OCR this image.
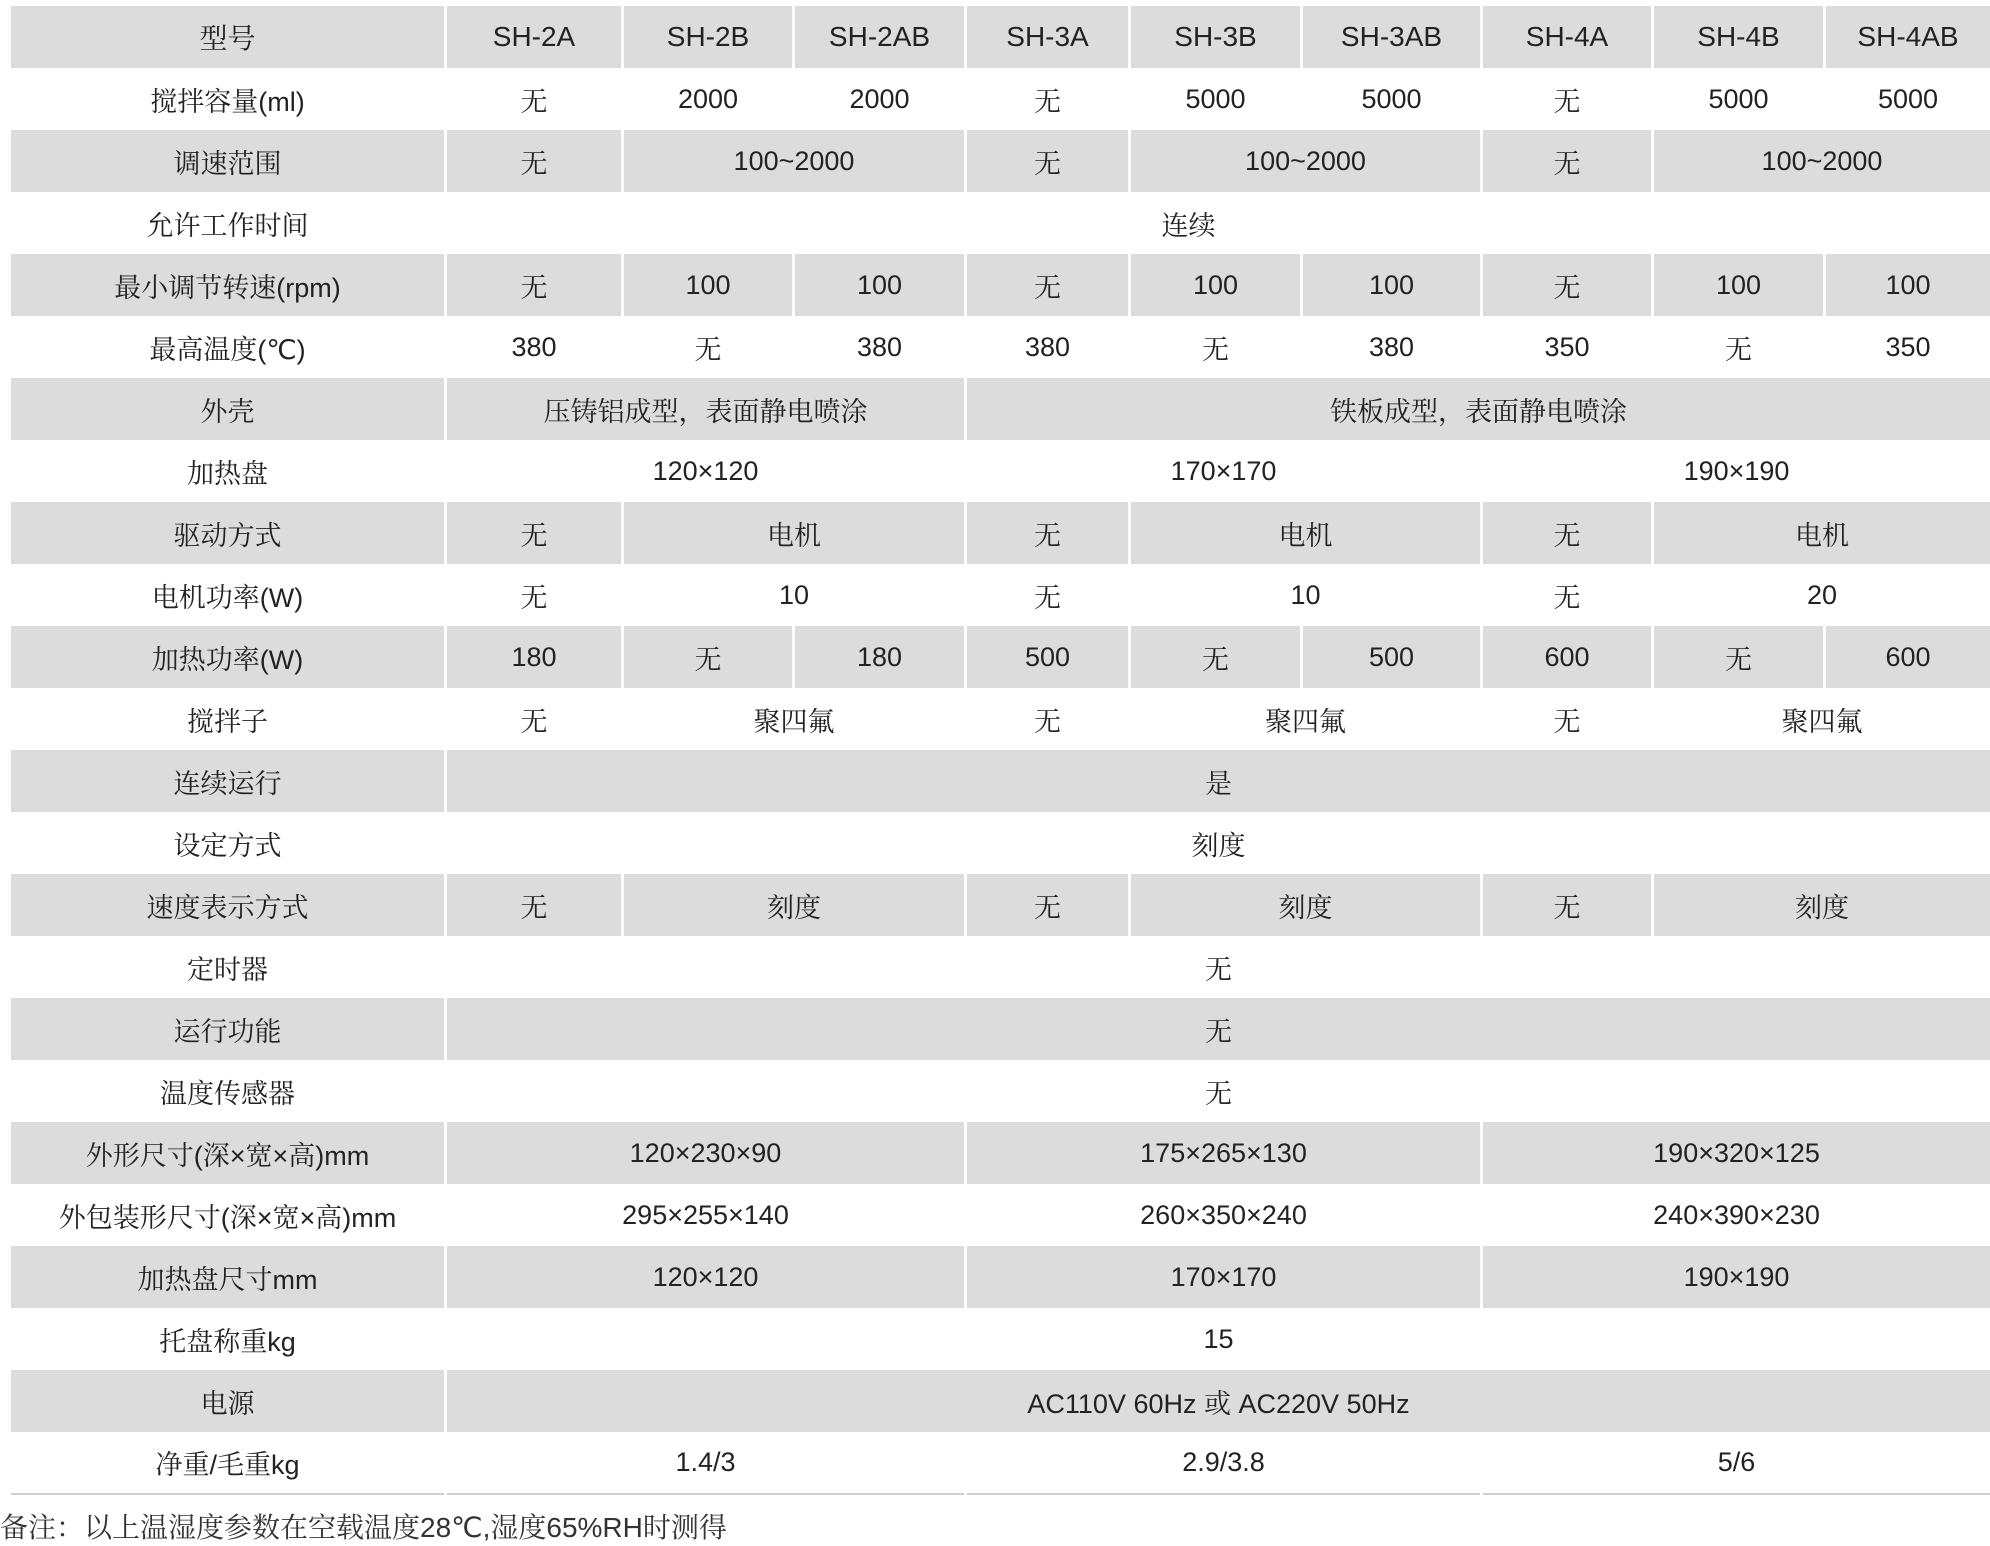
型号	SH-2A	SH-2B	SH-2AB	SH-3A	SH-3B	SH-3AB	SH-4A	SH-4B	SH-4AB
搅拌容量(ml)	无	2000	2000	无	5000	5000	无	5000	5000
调速范围	无	100~2000		无	100~2000		无	100~2000	
允许工作时间	连续								
最小调节转速(rpm)	无	100	100	无	100	100	无	100	100
最高温度(℃)	380	无	380	380	无	380	350	无	350
外壳	压铸铝成型，表面静电喷涂			铁板成型，表面静电喷涂					
加热盘	120×120			170×170			190×190		
驱动方式	无	电机		无	电机		无	电机	
电机功率(W)	无	10		无	10		无	20	
加热功率(W)	180	无	180	500	无	500	600	无	600
搅拌子	无	聚四氟		无	聚四氟		无	聚四氟	
连续运行	是								
设定方式	刻度								
速度表示方式	无	刻度		无	刻度		无	刻度	
定时器	无								
运行功能	无								
温度传感器	无								
外形尺寸(深×宽×高)mm	120×230×90			175×265×130			190×320×125		
外包装形尺寸(深×宽×高)mm	295×255×140			260×350×240			240×390×230		
加热盘尺寸mm	120×120			170×170			190×190		
托盘称重kg	15								
电源	AC110V 60Hz 或 AC220V 50Hz								
净重/毛重kg	1.4/3			2.9/3.8			5/6		
备注：以上温湿度参数在空载温度28℃,湿度65%RH时测得
